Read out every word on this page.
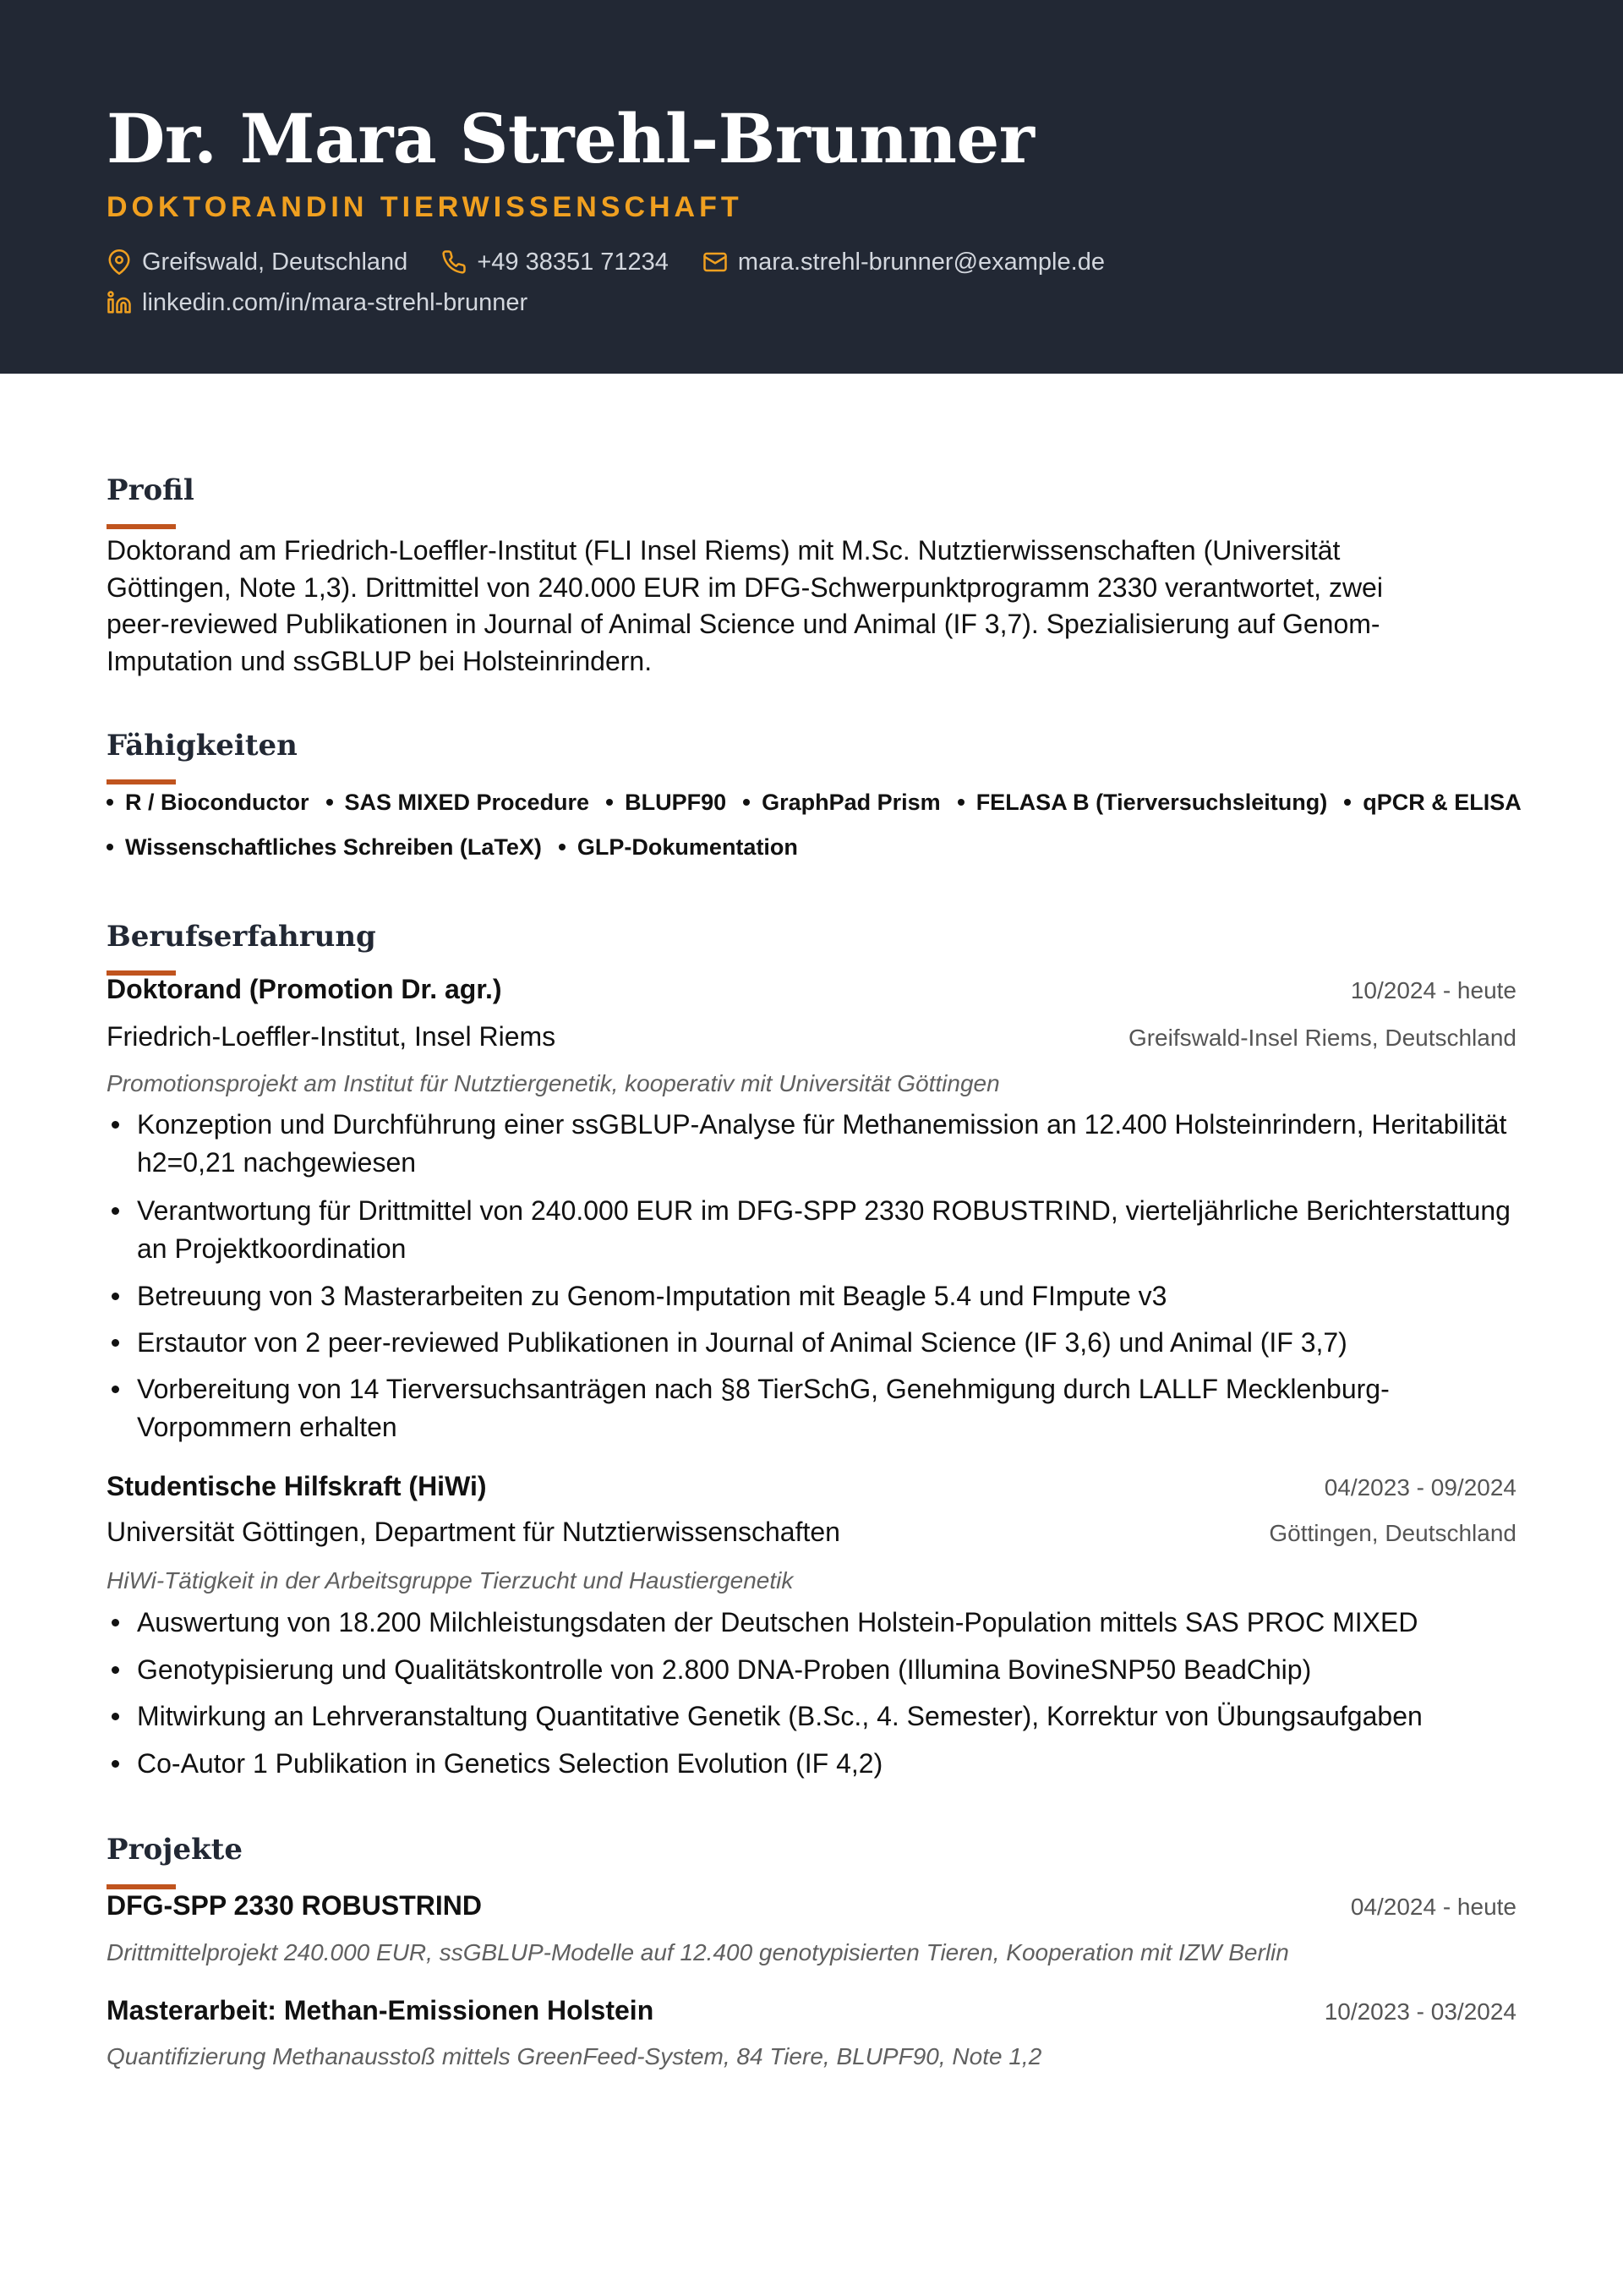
Dr. Mara Strehl-Brunner
DOKTORANDIN TIERWISSENSCHAFT
Greifswald, Deutschland	+49 38351 71234	mara.strehl-brunner@example.de
linkedin.com/in/mara-strehl-brunner
Profil
Doktorand am Friedrich-Loeffler-Institut (FLI Insel Riems) mit M.Sc. Nutztierwissenschaften (Universität
Göttingen, Note 1,3). Drittmittel von 240.000 EUR im DFG-Schwerpunktprogramm 2330 verantwortet, zwei
peer-reviewed Publikationen in Journal of Animal Science und Animal (IF 3,7). Spezialisierung auf Genom-
Imputation und ssGBLUP bei Holsteinrindern.
Fähigkeiten
R / Bioconductor SAS MIXED Procedure BLUPF90 GraphPad Prism FELASA B (Tierversuchsleitung) qPCR & ELISA
Wissenschaftliches Schreiben (LaTeX) GLP-Dokumentation
Berufserfahrung
Doktorand (Promotion Dr. agr.)	10/2024 - heute
Friedrich-Loeffler-Institut, Insel Riems	Greifswald-Insel Riems, Deutschland
Promotionsprojekt am Institut für Nutztiergenetik, kooperativ mit Universität Göttingen
Konzeption und Durchführung einer ssGBLUP-Analyse für Methanemission an 12.400 Holsteinrindern, Heritabilität
h2=0,21 nachgewiesen
Verantwortung für Drittmittel von 240.000 EUR im DFG-SPP 2330 ROBUSTRIND, vierteljährliche Berichterstattung
an Projektkoordination
Betreuung von 3 Masterarbeiten zu Genom-Imputation mit Beagle 5.4 und FImpute v3
Erstautor von 2 peer-reviewed Publikationen in Journal of Animal Science (IF 3,6) und Animal (IF 3,7)
Vorbereitung von 14 Tierversuchsanträgen nach §8 TierSchG, Genehmigung durch LALLF Mecklenburg-
Vorpommern erhalten
Studentische Hilfskraft (HiWi)	04/2023 - 09/2024
Universität Göttingen, Department für Nutztierwissenschaften	Göttingen, Deutschland
HiWi-Tätigkeit in der Arbeitsgruppe Tierzucht und Haustiergenetik
Auswertung von 18.200 Milchleistungsdaten der Deutschen Holstein-Population mittels SAS PROC MIXED
Genotypisierung und Qualitätskontrolle von 2.800 DNA-Proben (Illumina BovineSNP50 BeadChip)
Mitwirkung an Lehrveranstaltung Quantitative Genetik (B.Sc., 4. Semester), Korrektur von Übungsaufgaben
Co-Autor 1 Publikation in Genetics Selection Evolution (IF 4,2)
Projekte
DFG-SPP 2330 ROBUSTRIND	04/2024 - heute
Drittmittelprojekt 240.000 EUR, ssGBLUP-Modelle auf 12.400 genotypisierten Tieren, Kooperation mit IZW Berlin
Masterarbeit: Methan-Emissionen Holstein	10/2023 - 03/2024
Quantifizierung Methanausstoß mittels GreenFeed-System, 84 Tiere, BLUPF90, Note 1,2
